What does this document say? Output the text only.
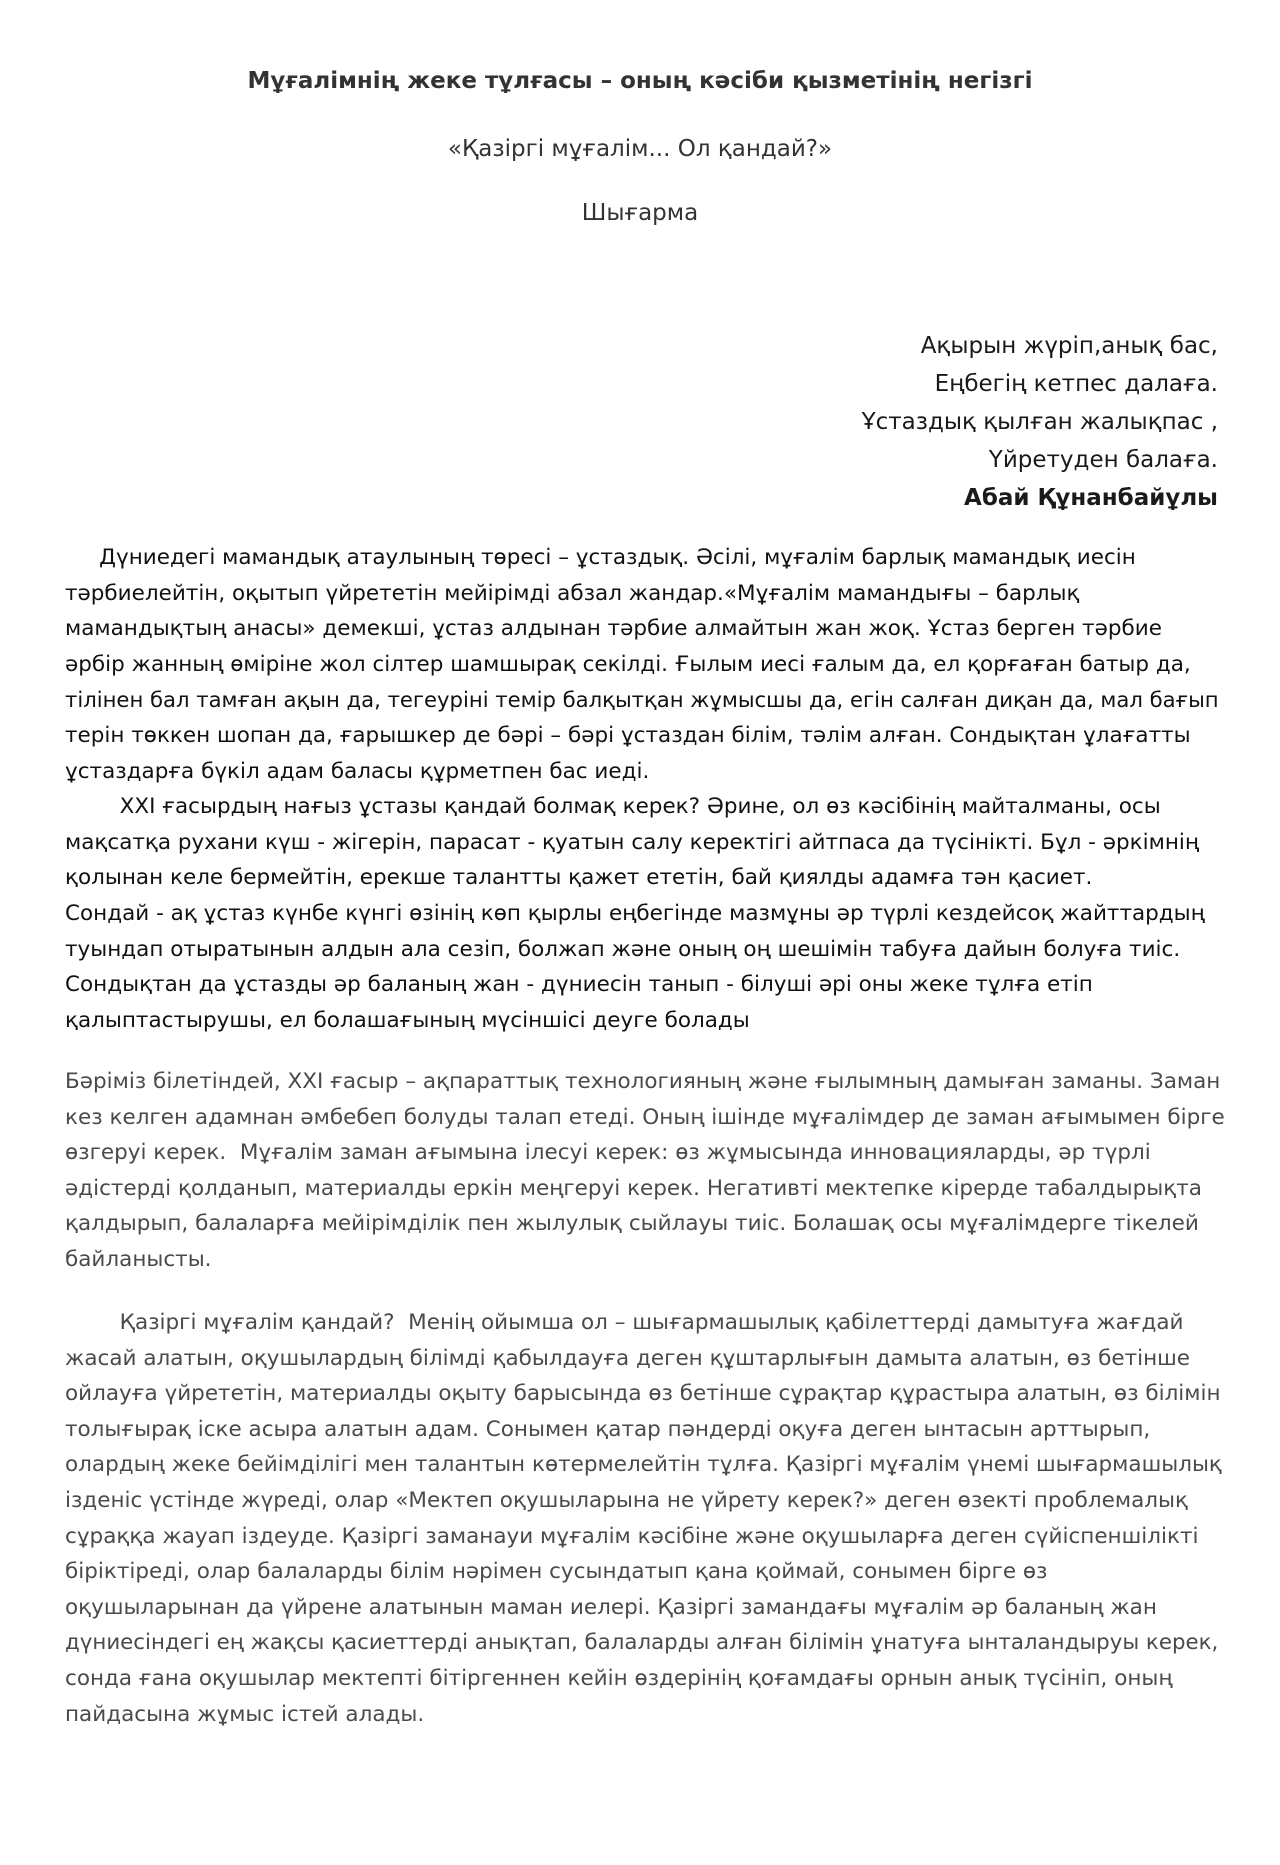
Мұғалімнің жеке тұлғасы – оның кәсіби қызметінің негізгі

«Қазіргі мұғалім... Ол қандай?»

Шығарма

Ақырын жүріп,анық бас,
Еңбегің кетпес далаға.
Ұстаздық қылған жалықпас ,
Үйретуден балаға.
Абай Құнанбайұлы
Дүниедегі мамандық атаулының төресі – ұстаздық. Әсілі, мұғалім барлық мамандық иесін
тәрбиелейтін, оқытып үйрететін мейірімді абзал жандар.«Мұғалім мамандығы – барлық
мамандықтың анасы» демекші, ұстаз алдынан тәрбие алмайтын жан жоқ. Ұстаз берген тәрбие
әрбір жанның өміріне жол сілтер шамшырақ секілді. Ғылым иесі ғалым да, ел қорғаған батыр да,
тілінен бал тамған ақын да, тегеуріні темір балқытқан жұмысшы да, егін салған диқан да, мал бағып
терін төккен шопан да, ғарышкер де бәрі – бәрі ұстаздан білім, тәлім алған. Сондықтан ұлағатты
ұстаздарға бүкіл адам баласы құрметпен бас иеді.
XXI ғасырдың нағыз ұстазы қандай болмақ керек? Әрине, ол өз кәсібінің майталманы, осы
мақсатқа рухани күш - жігерін, парасат - қуатын салу керектігі айтпаса да түсінікті. Бұл - әркімнің
қолынан келе бермейтін, ерекше талантты қажет ететін, бай қиялды адамға тән қасиет.
Сондай - ақ ұстаз күнбе күнгі өзінің көп қырлы еңбегінде мазмұны әр түрлі кездейсоқ жайттардың
туындап отыратынын алдын ала сезіп, болжап және оның оң шешімін табуға дайын болуға тиіс.
Сондықтан да ұстазды әр баланың жан - дүниесін танып - білуші әрі оны жеке тұлға етіп
қалыптастырушы, ел болашағының мүсіншісі деуге болады
Бәріміз білетіндей, XXI ғасыр – ақпараттық технологияның және ғылымның дамыған заманы. Заман
кез келген адамнан әмбебеп болуды талап етеді. Оның ішінде мұғалімдер де заман ағымымен бірге
өзгеруі керек.  Мұғалім заман ағымына ілесуі керек: өз жұмысында инновацияларды, әр түрлі
әдістерді қолданып, материалды еркін меңгеруі керек. Негативті мектепке кірерде табалдырықта
қалдырып, балаларға мейірімділік пен жылулық сыйлауы тиіс. Болашақ осы мұғалімдерге тікелей
байланысты.
Қазіргі мұғалім қандай?  Менің ойымша ол – шығармашылық қабілеттерді дамытуға жағдай
жасай алатын, оқушылардың білімді қабылдауға деген құштарлығын дамыта алатын, өз бетінше
ойлауға үйрететін, материалды оқыту барысында өз бетінше сұрақтар құрастыра алатын, өз білімін
толығырақ іске асыра алатын адам. Сонымен қатар пәндерді оқуға деген ынтасын арттырып,
олардың жеке бейімділігі мен талантын көтермелейтін тұлға. Қазіргі мұғалім үнемі шығармашылық
ізденіс үстінде жүреді, олар «Мектеп оқушыларына не үйрету керек?» деген өзекті проблемалық
сұраққа жауап іздеуде. Қазіргі заманауи мұғалім кәсібіне және оқушыларға деген сүйіспеншілікті
біріктіреді, олар балаларды білім нәрімен сусындатып қана қоймай, сонымен бірге өз
оқушыларынан да үйрене алатынын маман иелері. Қазіргі замандағы мұғалім әр баланың жан
дүниесіндегі ең жақсы қасиеттерді анықтап, балаларды алған білімін ұнатуға ынталандыруы керек,
сонда ғана оқушылар мектепті бітіргеннен кейін өздерінің қоғамдағы орнын анық түсініп, оның
пайдасына жұмыс істей алады.
